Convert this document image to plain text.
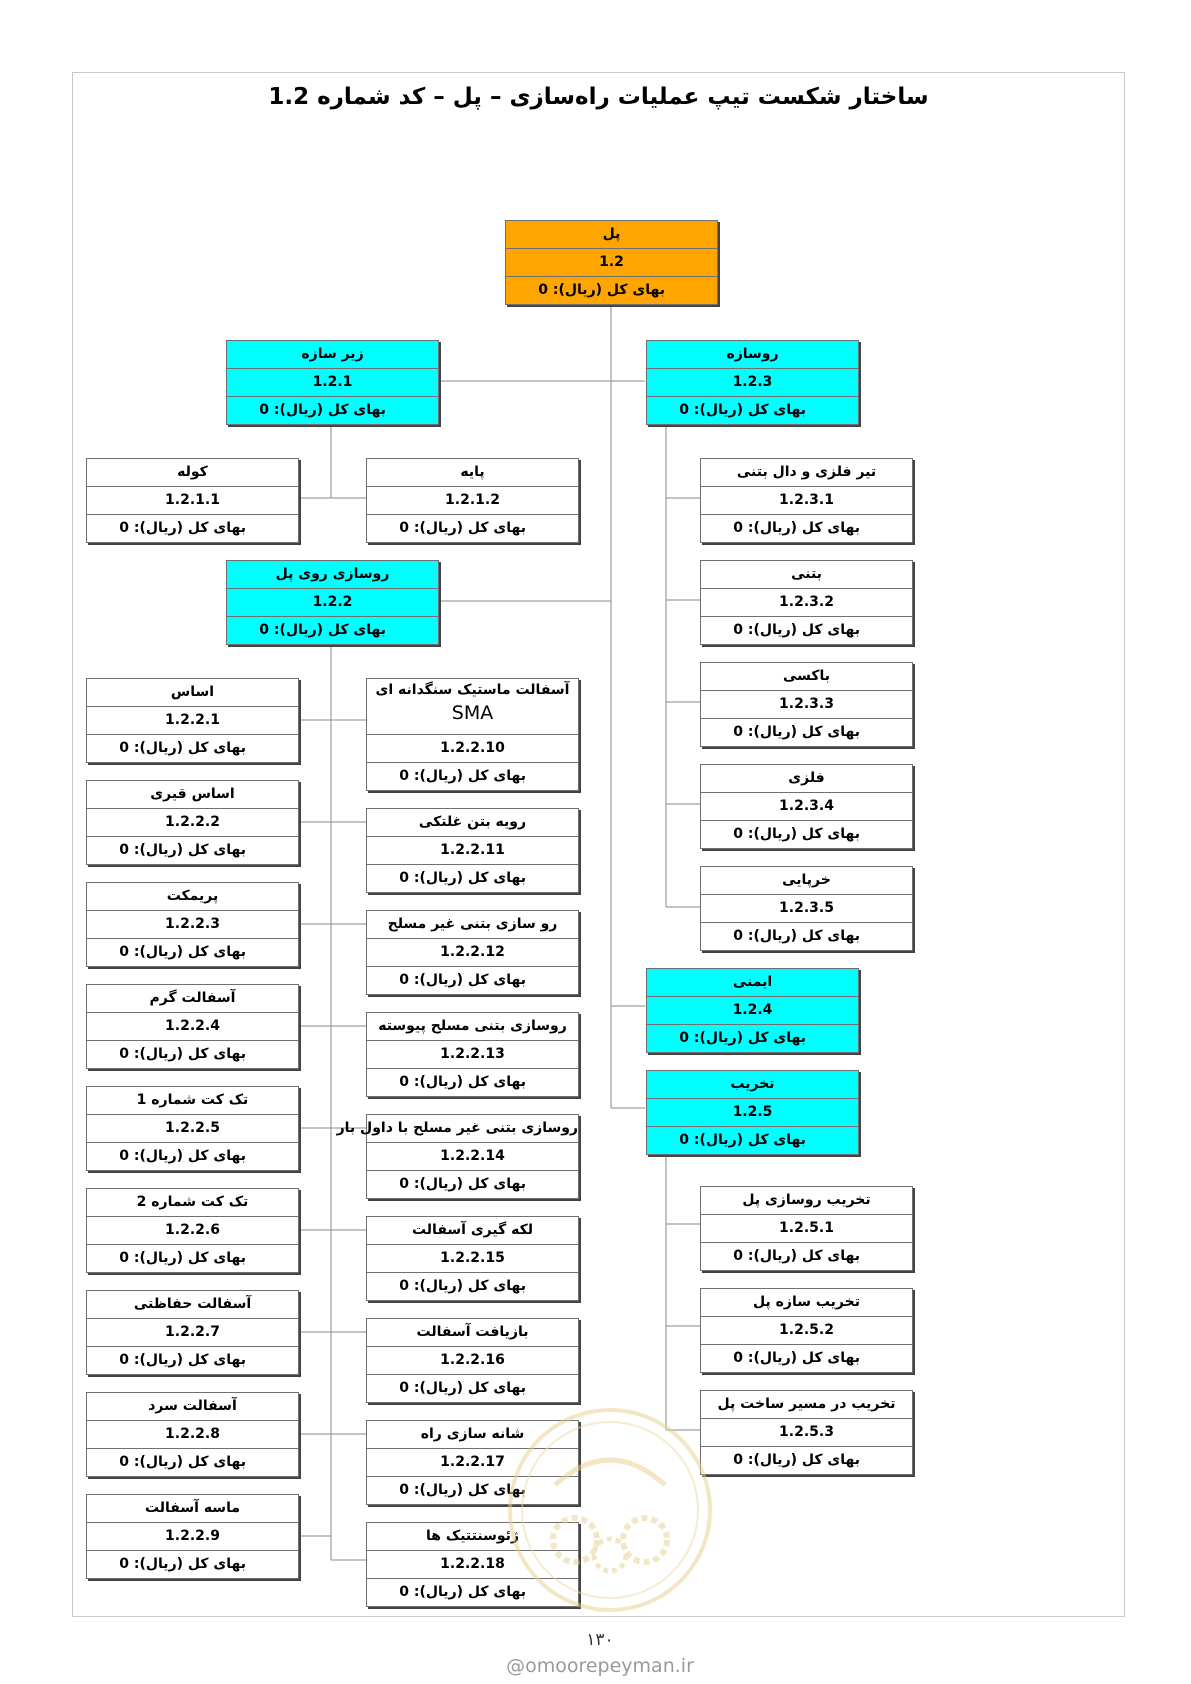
ساختار شکست تیپ عملیات راه‌سازی – پل – کد شماره 1.2
پل
1.2
بهای کل (ریال): 0
زیر سازه
1.2.1
بهای کل (ریال): 0
روسازه
1.2.3
بهای کل (ریال): 0
روسازی روی پل
1.2.2
بهای کل (ریال): 0
ایمنی
1.2.4
بهای کل (ریال): 0
تخریب
1.2.5
بهای کل (ریال): 0
کوله
1.2.1.1
بهای کل (ریال): 0
پایه
1.2.1.2
بهای کل (ریال): 0
تیر فلزی و دال بتنی
1.2.3.1
بهای کل (ریال): 0
بتنی
1.2.3.2
بهای کل (ریال): 0
باکسی
1.2.3.3
بهای کل (ریال): 0
فلزی
1.2.3.4
بهای کل (ریال): 0
خرپایی
1.2.3.5
بهای کل (ریال): 0
تخریب روسازی پل
1.2.5.1
بهای کل (ریال): 0
تخریب سازه پل
1.2.5.2
بهای کل (ریال): 0
تخریب در مسیر ساخت پل
1.2.5.3
بهای کل (ریال): 0
اساس
1.2.2.1
بهای کل (ریال): 0
اساس قیری
1.2.2.2
بهای کل (ریال): 0
پریمکت
1.2.2.3
بهای کل (ریال): 0
آسفالت گرم
1.2.2.4
بهای کل (ریال): 0
تک کت شماره 1
1.2.2.5
بهای کل (ریال): 0
تک کت شماره 2
1.2.2.6
بهای کل (ریال): 0
آسفالت حفاظتی
1.2.2.7
بهای کل (ریال): 0
آسفالت سرد
1.2.2.8
بهای کل (ریال): 0
ماسه آسفالت
1.2.2.9
بهای کل (ریال): 0
آسفالت ماستیک سنگدانه ای
SMA
1.2.2.10
بهای کل (ریال): 0
رویه بتن غلتکی
1.2.2.11
بهای کل (ریال): 0
رو سازی بتنی غیر مسلح
1.2.2.12
بهای کل (ریال): 0
روسازی بتنی مسلح پیوسته
1.2.2.13
بهای کل (ریال): 0
روسازی بتنی غیر مسلح با داول بار
1.2.2.14
بهای کل (ریال): 0
لکه گیری آسفالت
1.2.2.15
بهای کل (ریال): 0
بازیافت آسفالت
1.2.2.16
بهای کل (ریال): 0
شانه سازی راه
1.2.2.17
بهای کل (ریال): 0
ژئوسنتتیک ها
1.2.2.18
بهای کل (ریال): 0
۱۳۰
@omoorepeyman.ir
